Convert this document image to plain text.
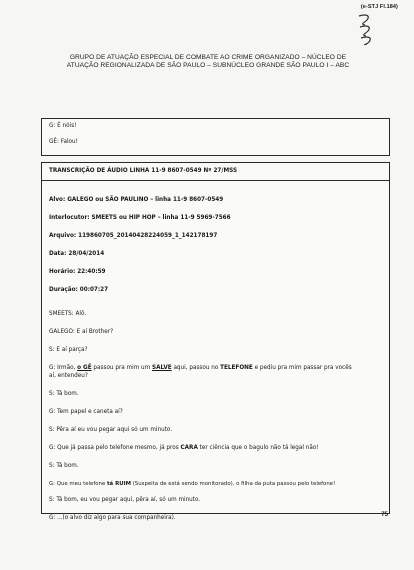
(e-STJ Fl.184)
GRUPO DE ATUAÇÃO ESPECIAL DE COMBATE AO CRIME ORGANIZADO – NÚCLEO DE
ATUAÇÃO REGIONALIZADA DE SÃO PAULO – SUBNÚCLEO GRANDE SÃO PAULO I – ABC
G: É nóis!
GÊ: Falou!
TRANSCRIÇÃO DE ÁUDIO LINHA 11-9 8607-0549 Nº 27/MSS
Alvo: GALEGO ou SÃO PAULINO – linha 11-9 8607-0549
Interlocutor: SMEETS ou HIP HOP – linha 11-9 5969-7566
Arquivo: 119860705_20140428224059_1_142178197
Data: 28/04/2014
Horário: 22:40:59
Duração: 00:07:27
SMEETS: Alô.
GALEGO: E aí Brother?
S: E aí parça?
G: Irmão, o GÊ passou pra mim um SALVE aqui, passou no TELEFONE e pediu pra mim passar pra vocês
aí, entendeu?
S: Tá bom.
G: Tem papel e caneta aí?
S: Pêra aí eu vou pegar aqui só um minuto.
G: Que já passa pelo telefone mesmo, já pros CARA ter ciência que o bagulo não tá legal não!
S: Tá bom.
G: Que meu telefone tá RUIM (Suspeita de está sendo monitorado), o filha da puta passou pelo telefone!
S: Tá bom, eu vou pegar aqui, pêra aí, só um minuto.
G: ...(o alvo diz algo para sua companheira).	75
